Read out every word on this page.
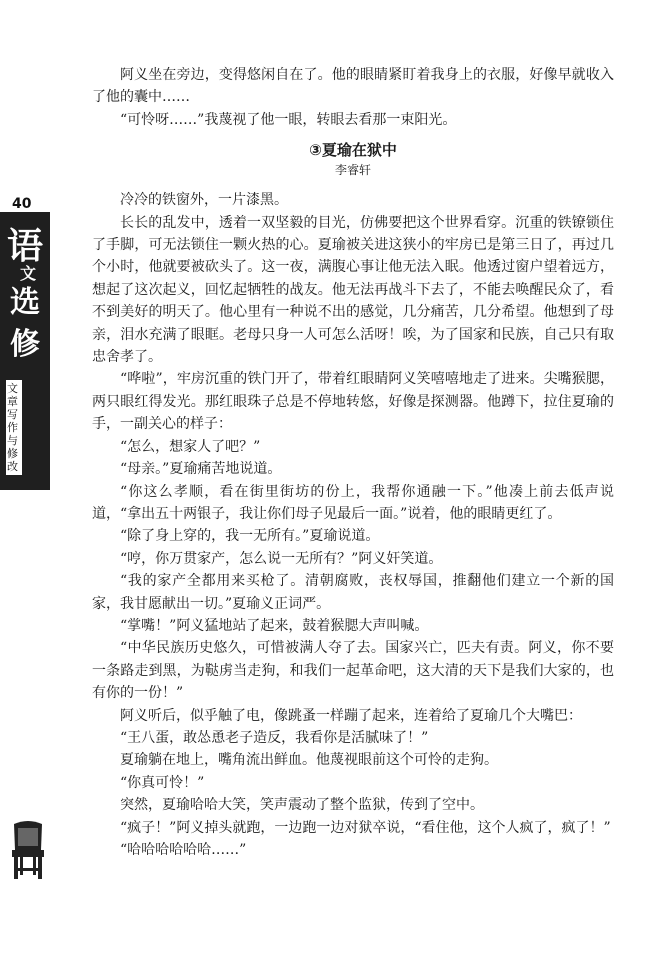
40
语
文
选
修
文章写作与修改

阿义坐在旁边，变得悠闲自在了。他的眼睛紧盯着我身上的衣服，好像早就收入了他的囊中……

“可怜呀……”我蔑视了他一眼，转眼去看那一束阳光。

③夏瑜在狱中

李睿轩

冷冷的铁窗外，一片漆黑。

长长的乱发中，透着一双坚毅的目光，仿佛要把这个世界看穿。沉重的铁镣锁住了手脚，可无法锁住一颗火热的心。夏瑜被关进这狭小的牢房已是第三日了，再过几个小时，他就要被砍头了。这一夜，满腹心事让他无法入眠。他透过窗户望着远方，想起了这次起义，回忆起牺牲的战友。他无法再战斗下去了，不能去唤醒民众了，看不到美好的明天了。他心里有一种说不出的感觉，几分痛苦，几分希望。他想到了母亲，泪水充满了眼眶。老母只身一人可怎么活呀！唉，为了国家和民族，自己只有取忠舍孝了。

“哗啦”，牢房沉重的铁门开了，带着红眼睛阿义笑嘻嘻地走了进来。尖嘴猴腮，两只眼红得发光。那红眼珠子总是不停地转悠，好像是探测器。他蹲下，拉住夏瑜的手，一副关心的样子：

“怎么，想家人了吧？”

“母亲。”夏瑜痛苦地说道。

“你这么孝顺，看在街里街坊的份上，我帮你通融一下。”他凑上前去低声说道，“拿出五十两银子，我让你们母子见最后一面。”说着，他的眼睛更红了。

“除了身上穿的，我一无所有。”夏瑜说道。

“哼，你万贯家产，怎么说一无所有？”阿义奸笑道。

“我的家产全都用来买枪了。清朝腐败，丧权辱国，推翻他们建立一个新的国家，我甘愿献出一切。”夏瑜义正词严。

“掌嘴！”阿义猛地站了起来，鼓着猴腮大声叫喊。

“中华民族历史悠久，可惜被满人夺了去。国家兴亡，匹夫有责。阿义，你不要一条路走到黑，为鞑虏当走狗，和我们一起革命吧，这大清的天下是我们大家的，也有你的一份！”

阿义听后，似乎触了电，像跳蚤一样蹦了起来，连着给了夏瑜几个大嘴巴：

“王八蛋，敢怂恿老子造反，我看你是活腻味了！”

夏瑜躺在地上，嘴角流出鲜血。他蔑视眼前这个可怜的走狗。

“你真可怜！”

突然，夏瑜哈哈大笑，笑声震动了整个监狱，传到了空中。

“疯子！”阿义掉头就跑，一边跑一边对狱卒说，“看住他，这个人疯了，疯了！”

“哈哈哈哈哈哈……”
